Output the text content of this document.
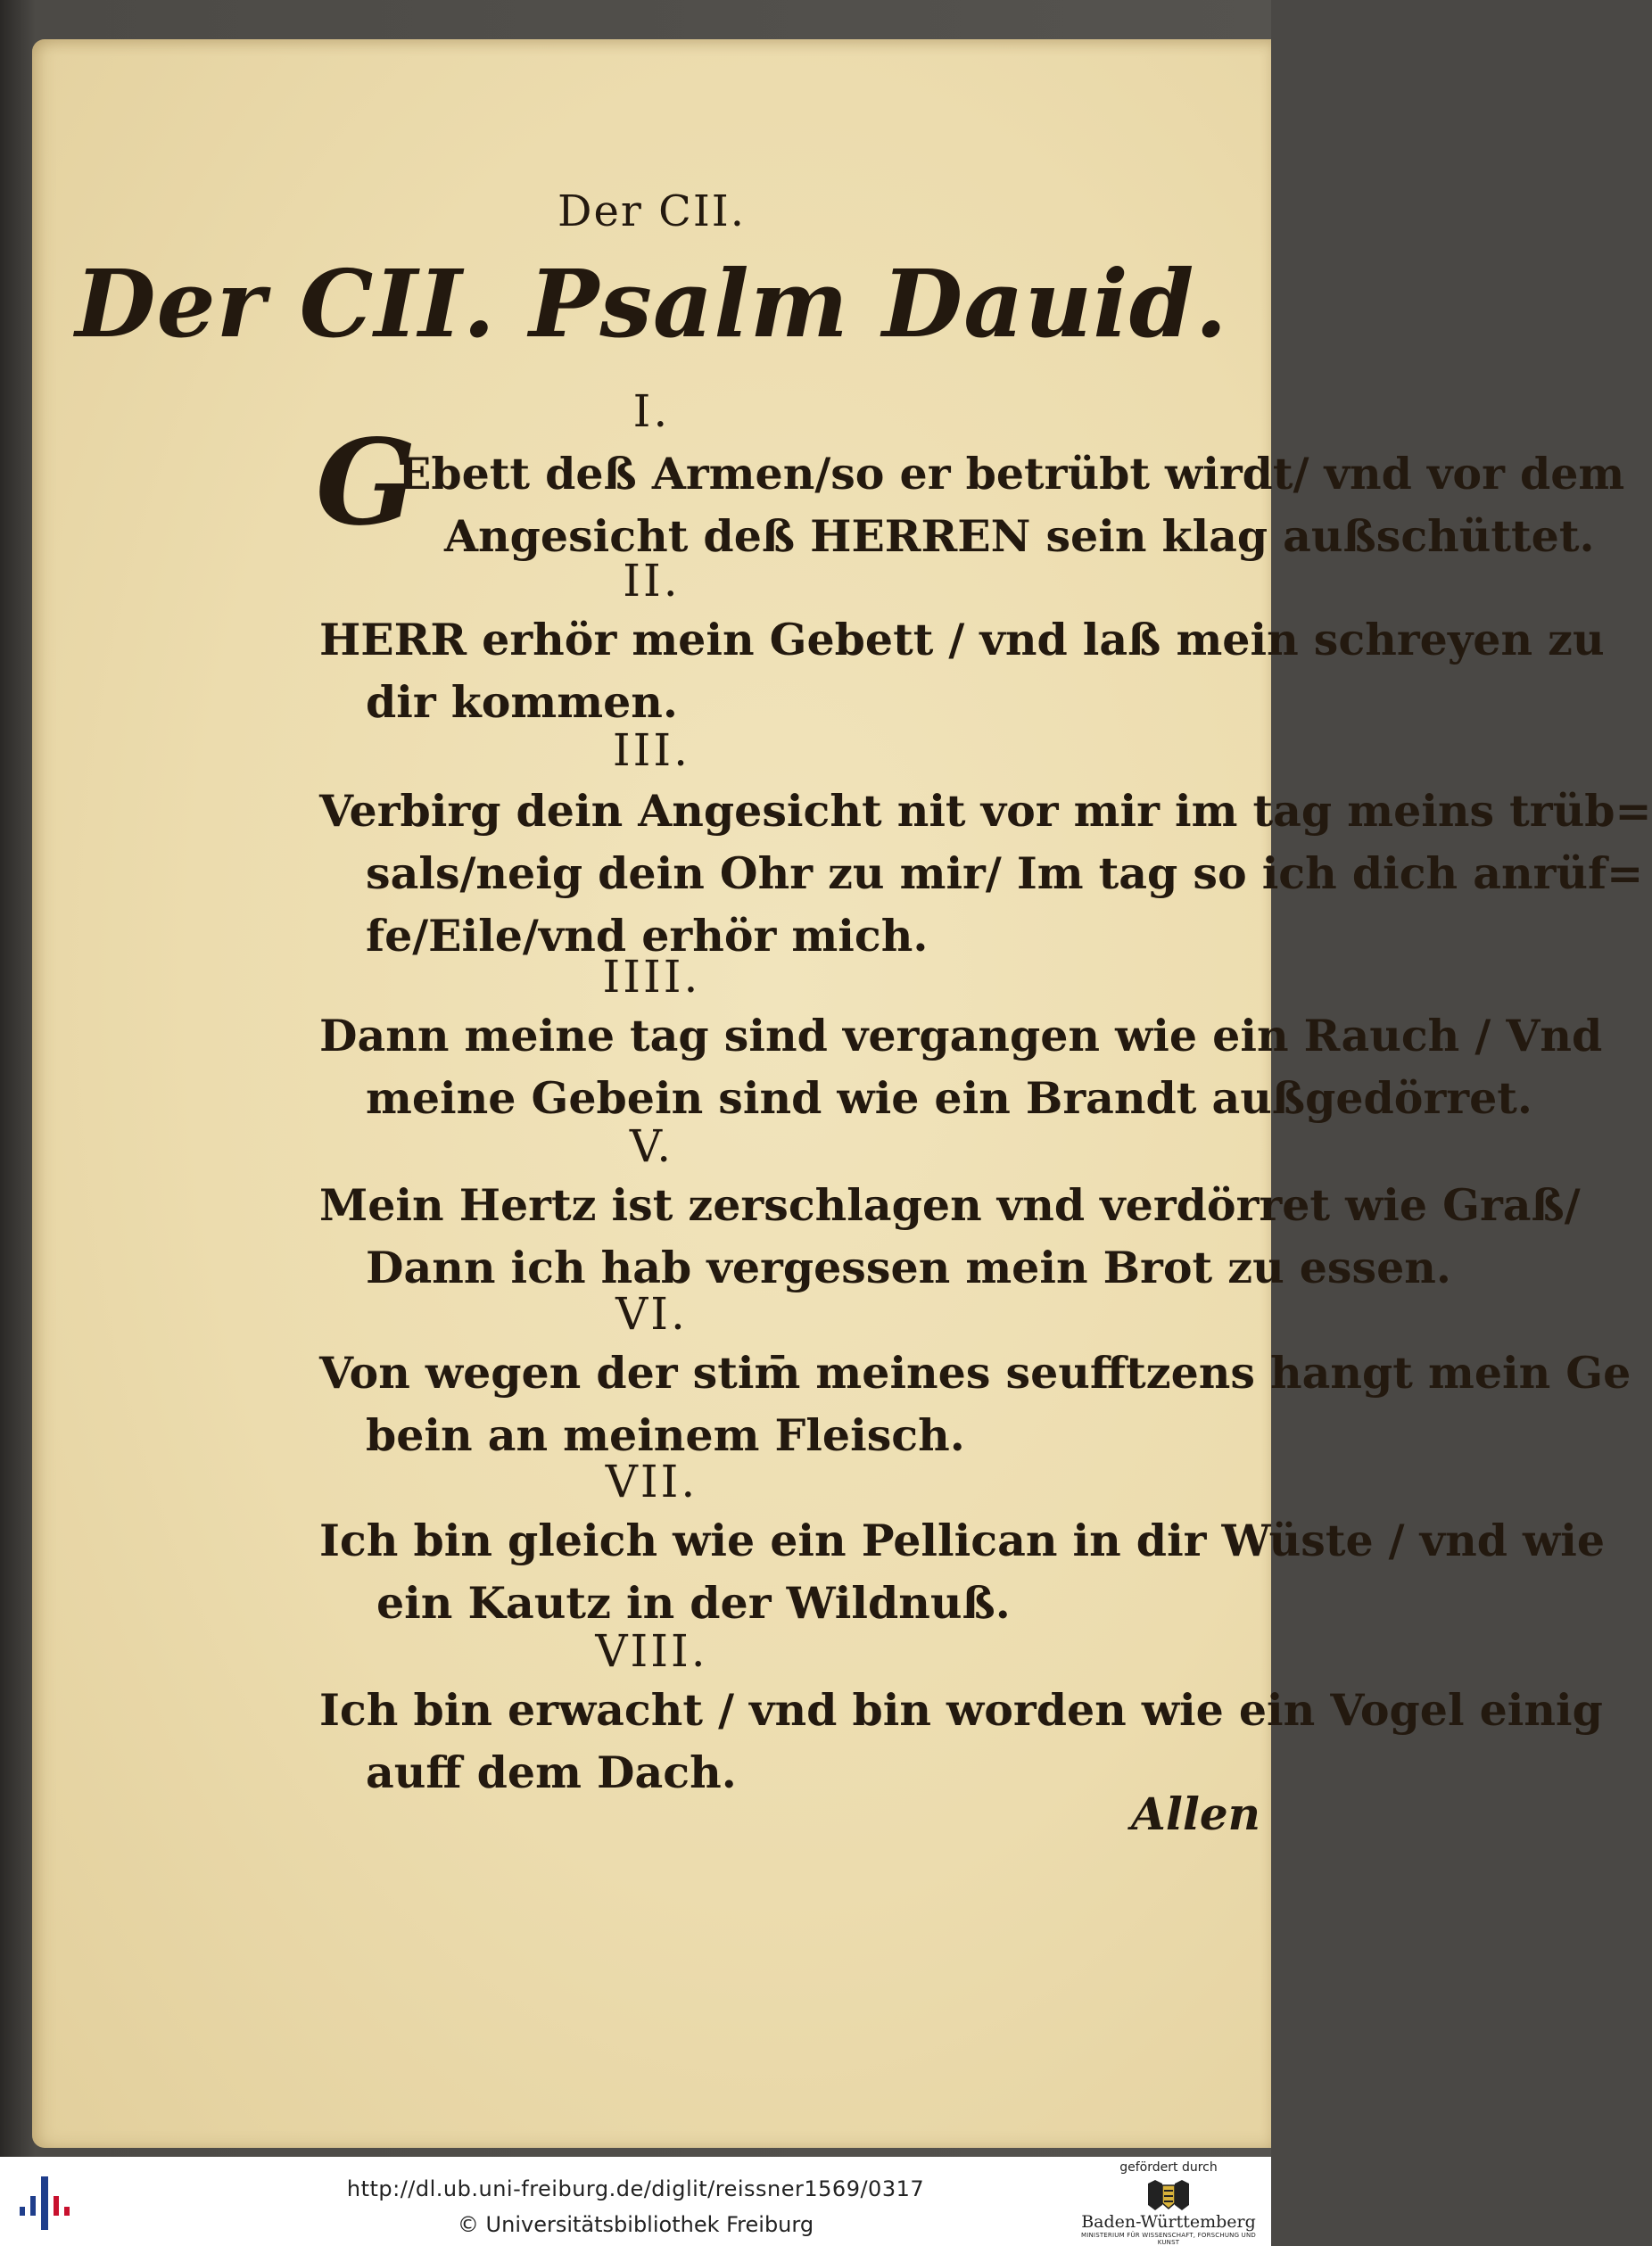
Der CII.
Der CII. Psalm Dauid.
I.
G
Ebett deß Armen/so er betrübt wirdt/ vnd vor dem
Angesicht deß HERREN sein klag außschüttet.
II.
HERR erhör mein Gebett / vnd laß mein schreyen zu
dir kommen.
III.
Verbirg dein Angesicht nit vor mir im tag meins trüb=
sals/neig dein Ohr zu mir/ Im tag so ich dich anrüf=
fe/Eile/vnd erhör mich.
IIII.
Dann meine tag sind vergangen wie ein Rauch / Vnd
meine Gebein sind wie ein Brandt außgedörret.
V.
Mein Hertz ist zerschlagen vnd verdörret wie Graß/
Dann ich hab vergessen mein Brot zu essen.
VI.
Von wegen der stim̄ meines seufftzens hangt mein Ge
bein an meinem Fleisch.
VII.
Ich bin gleich wie ein Pellican in dir Wüste / vnd wie
ein Kautz in der Wildnuß.
VIII.
Ich bin erwacht / vnd bin worden wie ein Vogel einig
auff dem Dach.
Allen
http://dl.ub.uni-freiburg.de/diglit/reissner1569/0317
© Universitätsbibliothek Freiburg
gefördert durch
Baden-Württemberg
MINISTERIUM FÜR WISSENSCHAFT, FORSCHUNG UND KUNST
